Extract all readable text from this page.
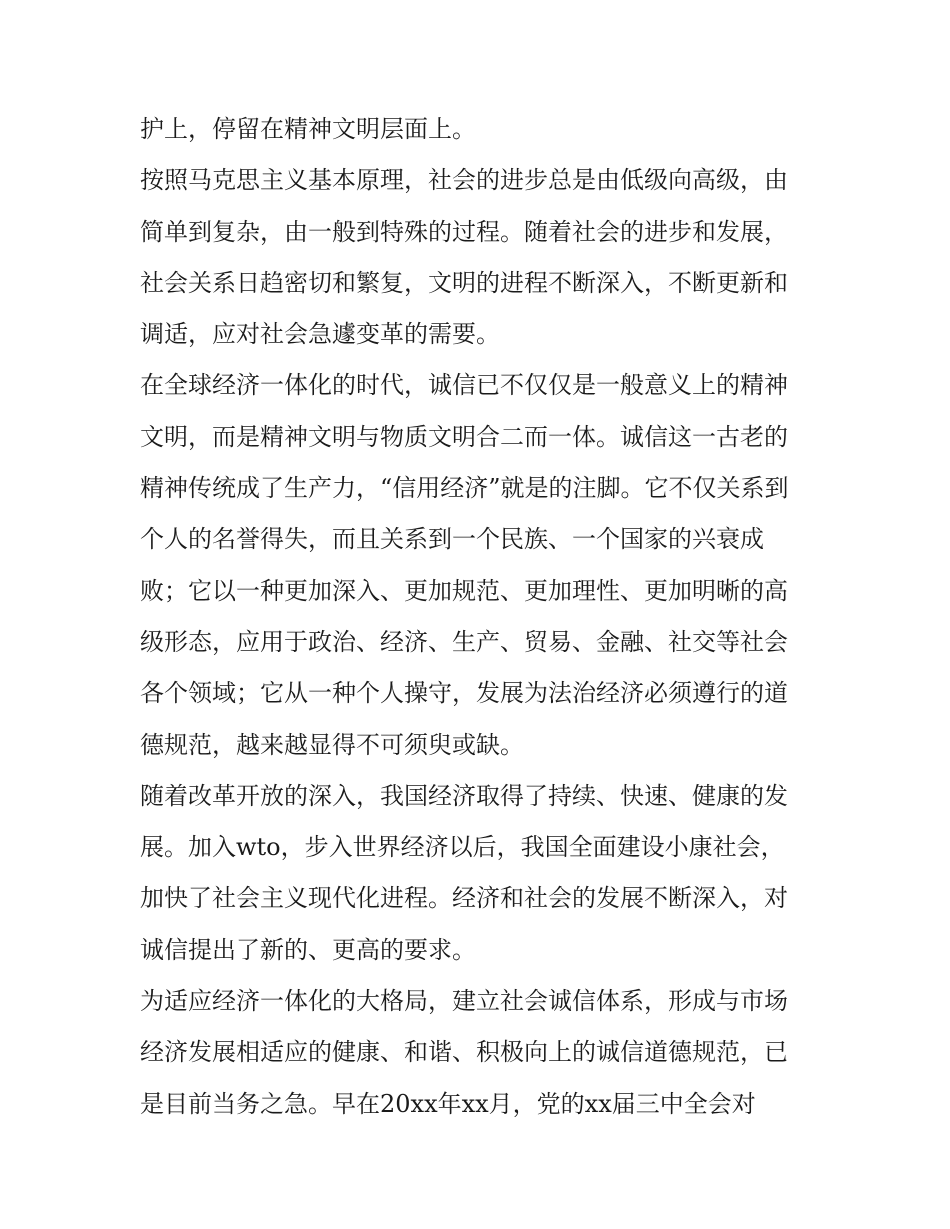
护上，停留在精神文明层面上。

按照马克思主义基本原理，社会的进步总是由低级向高级，由
简单到复杂，由一般到特殊的过程。随着社会的进步和发展，
社会关系日趋密切和繁复，文明的进程不断深入，不断更新和
调适，应对社会急遽变革的需要。

在全球经济一体化的时代，诚信已不仅仅是一般意义上的精神
文明，而是精神文明与物质文明合二而一体。诚信这一古老的
精神传统成了生产力，“信用经济”就是的注脚。它不仅关系到
个人的名誉得失，而且关系到一个民族、一个国家的兴衰成
败；它以一种更加深入、更加规范、更加理性、更加明晰的高
级形态，应用于政治、经济、生产、贸易、金融、社交等社会
各个领域；它从一种个人操守，发展为法治经济必须遵行的道
德规范，越来越显得不可须臾或缺。

随着改革开放的深入，我国经济取得了持续、快速、健康的发
展。加入wto，步入世界经济以后，我国全面建设小康社会，
加快了社会主义现代化进程。经济和社会的发展不断深入，对
诚信提出了新的、更高的要求。

为适应经济一体化的大格局，建立社会诚信体系，形成与市场
经济发展相适应的健康、和谐、积极向上的诚信道德规范，已
是目前当务之急。早在20xx年xx月，党的xx届三中全会对
